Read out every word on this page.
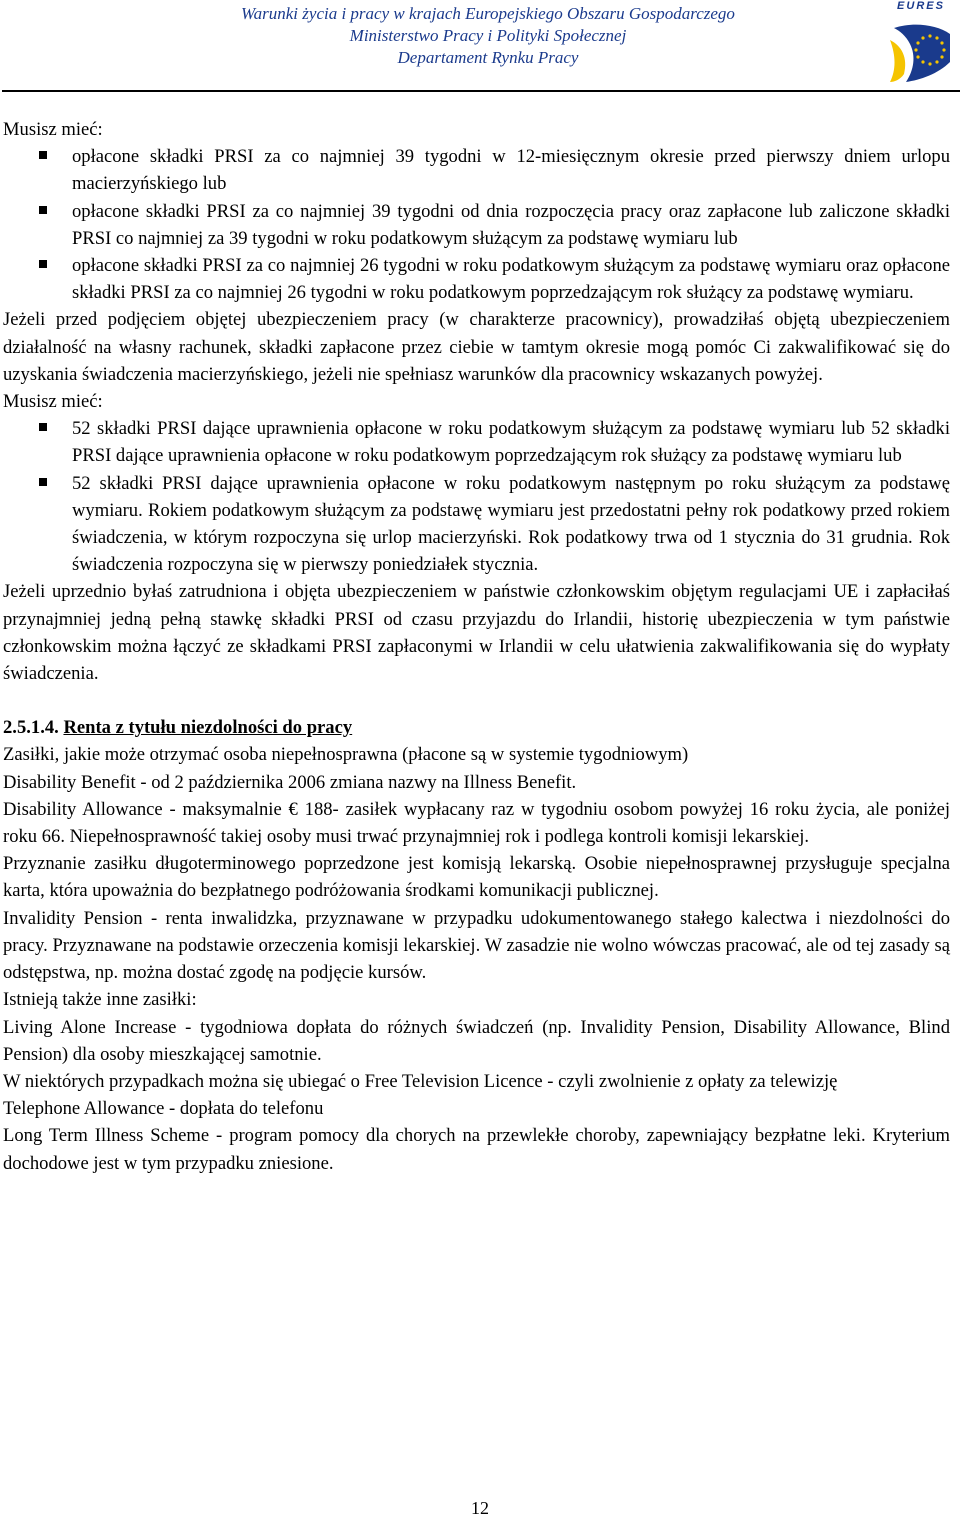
Warunki życia i pracy w krajach Europejskiego Obszaru Gospodarczego
Ministerstwo Pracy i Polityki Społecznej
Departament Rynku Pracy
EURES

Musisz mieć:

opłacone składki PRSI za co najmniej 39 tygodni w 12-miesięcznym okresie przed pierwszy dniem urlopu macierzyńskiego lub
opłacone składki PRSI za co najmniej 39 tygodni od dnia rozpoczęcia pracy oraz zapłacone lub zaliczone składki PRSI co najmniej za 39 tygodni w roku podatkowym służącym za podstawę wymiaru lub
opłacone składki PRSI za co najmniej 26 tygodni w roku podatkowym służącym za podstawę wymiaru oraz opłacone składki PRSI za co najmniej 26 tygodni w roku podatkowym poprzedzającym rok służący za podstawę wymiaru.

Jeżeli przed podjęciem objętej ubezpieczeniem pracy (w charakterze pracownicy), prowadziłaś objętą ubezpieczeniem działalność na własny rachunek, składki zapłacone przez ciebie w tamtym okresie mogą pomóc Ci zakwalifikować się do uzyskania świadczenia macierzyńskiego, jeżeli nie spełniasz warunków dla pracownicy wskazanych powyżej.

Musisz mieć:

52 składki PRSI dające uprawnienia opłacone w roku podatkowym służącym za podstawę wymiaru lub 52 składki PRSI dające uprawnienia opłacone w roku podatkowym poprzedzającym rok służący za podstawę wymiaru lub
52 składki PRSI dające uprawnienia opłacone w roku podatkowym następnym po roku służącym za podstawę wymiaru. Rokiem podatkowym służącym za podstawę wymiaru jest przedostatni pełny rok podatkowy przed rokiem świadczenia, w którym rozpoczyna się urlop macierzyński. Rok podatkowy trwa od 1 stycznia do 31 grudnia. Rok świadczenia rozpoczyna się w pierwszy poniedziałek stycznia.

Jeżeli uprzednio byłaś zatrudniona i objęta ubezpieczeniem w państwie członkowskim objętym regulacjami UE i zapłaciłaś przynajmniej jedną pełną stawkę składki PRSI od czasu przyjazdu do Irlandii, historię ubezpieczenia w tym państwie członkowskim można łączyć ze składkami PRSI zapłaconymi w Irlandii w celu ułatwienia zakwalifikowania się do wypłaty świadczenia.

2.5.1.4. Renta z tytułu niezdolności do pracy

Zasiłki, jakie może otrzymać osoba niepełnosprawna (płacone są w systemie tygodniowym)

Disability Benefit - od 2 października 2006 zmiana nazwy na Illness Benefit.

Disability Allowance - maksymalnie € 188- zasiłek wypłacany raz w tygodniu osobom powyżej 16 roku życia, ale poniżej roku 66. Niepełnosprawność takiej osoby musi trwać przynajmniej rok i podlega kontroli komisji lekarskiej.

Przyznanie zasiłku długoterminowego poprzedzone jest komisją lekarską. Osobie niepełnosprawnej przysługuje specjalna karta, która upoważnia do bezpłatnego podróżowania środkami komunikacji publicznej.

Invalidity Pension - renta inwalidzka, przyznawane w przypadku udokumentowanego stałego kalectwa i niezdolności do pracy. Przyznawane na podstawie orzeczenia komisji lekarskiej. W zasadzie nie wolno wówczas pracować, ale od tej zasady są odstępstwa, np. można dostać zgodę na podjęcie kursów.

Istnieją także inne zasiłki:

Living Alone Increase - tygodniowa dopłata do różnych świadczeń (np. Invalidity Pension, Disability Allowance, Blind Pension) dla osoby mieszkającej samotnie.

W niektórych przypadkach można się ubiegać o Free Television Licence - czyli zwolnienie z opłaty za telewizję

Telephone Allowance - dopłata do telefonu

Long Term Illness Scheme - program pomocy dla chorych na przewlekłe choroby, zapewniający bezpłatne leki. Kryterium dochodowe jest w tym przypadku zniesione.

12
